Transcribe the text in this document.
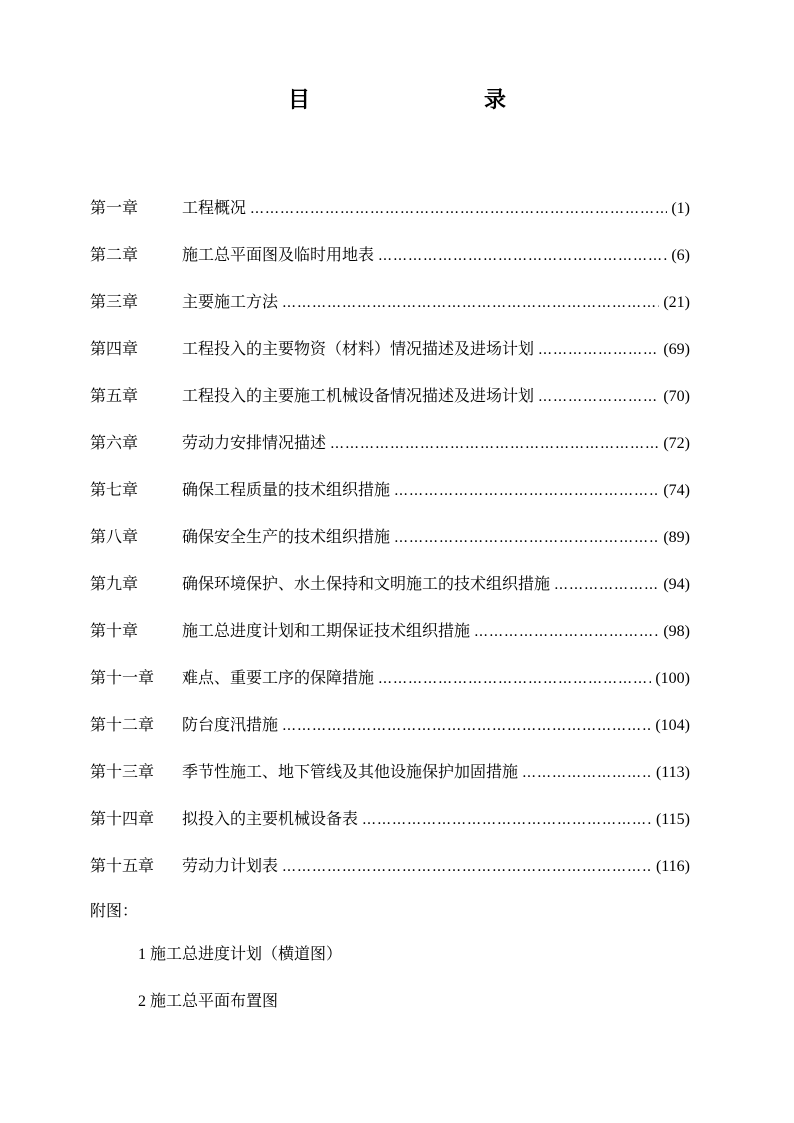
目　录
第一章	工程概况 ……………………………………………………………………………………………………………………	(1)
第二章	施工总平面图及临时用地表 ……………………………………………………………………………………………………………………	(6)
第三章	主要施工方法 ……………………………………………………………………………………………………………………	(21)
第四章	工程投入的主要物资（材料）情况描述及进场计划 ……………………………………………………………………………………………………………………	(69)
第五章	工程投入的主要施工机械设备情况描述及进场计划 ……………………………………………………………………………………………………………………	(70)
第六章	劳动力安排情况描述 ……………………………………………………………………………………………………………………	(72)
第七章	确保工程质量的技术组织措施 ……………………………………………………………………………………………………………………	(74)
第八章	确保安全生产的技术组织措施 ……………………………………………………………………………………………………………………	(89)
第九章	确保环境保护、水土保持和文明施工的技术组织措施 ……………………………………………………………………………………………………………………	(94)
第十章	施工总进度计划和工期保证技术组织措施 ……………………………………………………………………………………………………………………	(98)
第十一章	难点、重要工序的保障措施 ……………………………………………………………………………………………………………………	(100)
第十二章	防台度汛措施 ……………………………………………………………………………………………………………………	(104)
第十三章	季节性施工、地下管线及其他设施保护加固措施 ……………………………………………………………………………………………………………………	(113)
第十四章	拟投入的主要机械设备表 ……………………………………………………………………………………………………………………	(115)
第十五章	劳动力计划表 ……………………………………………………………………………………………………………………	(116)
附图：
1 施工总进度计划（横道图）
2 施工总平面布置图
